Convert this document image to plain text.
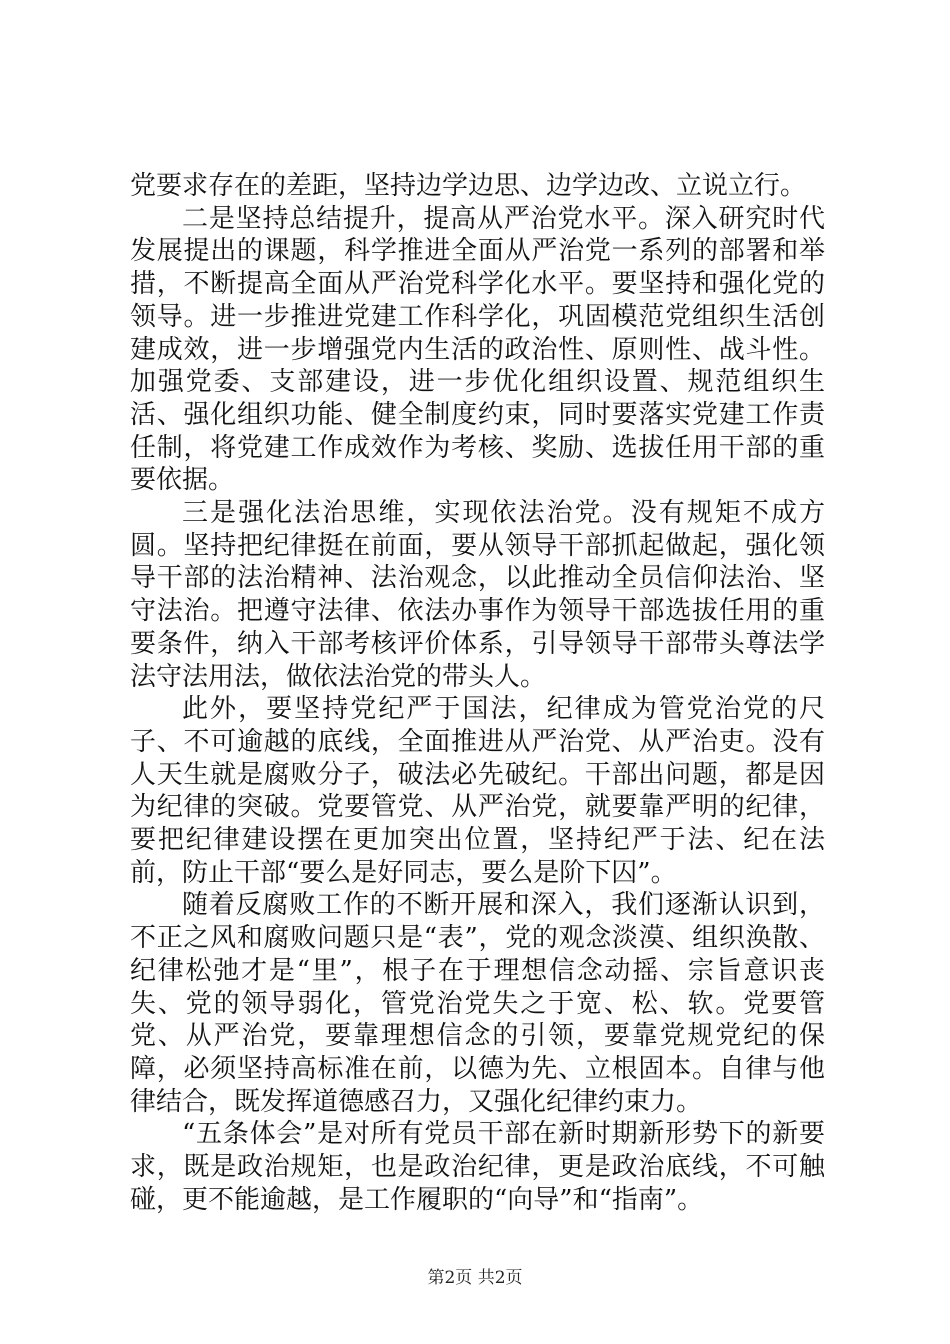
党要求存在的差距，坚持边学边思、边学边改、立说立行。

二是坚持总结提升，提高从严治党水平。深入研究时代发展提出的课题，科学推进全面从严治党一系列的部署和举措，不断提高全面从严治党科学化水平。要坚持和强化党的领导。进一步推进党建工作科学化，巩固模范党组织生活创建成效，进一步增强党内生活的政治性、原则性、战斗性。加强党委、支部建设，进一步优化组织设置、规范组织生活、强化组织功能、健全制度约束，同时要落实党建工作责任制，将党建工作成效作为考核、奖励、选拔任用干部的重要依据。

三是强化法治思维，实现依法治党。没有规矩不成方圆。坚持把纪律挺在前面，要从领导干部抓起做起，强化领导干部的法治精神、法治观念，以此推动全员信仰法治、坚守法治。把遵守法律、依法办事作为领导干部选拔任用的重要条件，纳入干部考核评价体系，引导领导干部带头尊法学法守法用法，做依法治党的带头人。

此外，要坚持党纪严于国法，纪律成为管党治党的尺子、不可逾越的底线，全面推进从严治党、从严治吏。没有人天生就是腐败分子，破法必先破纪。干部出问题，都是因为纪律的突破。党要管党、从严治党，就要靠严明的纪律，要把纪律建设摆在更加突出位置，坚持纪严于法、纪在法前，防止干部“要么是好同志，要么是阶下囚”。

随着反腐败工作的不断开展和深入，我们逐渐认识到，不正之风和腐败问题只是“表”，党的观念淡漠、组织涣散、纪律松弛才是“里”，根子在于理想信念动摇、宗旨意识丧失、党的领导弱化，管党治党失之于宽、松、软。党要管党、从严治党，要靠理想信念的引领，要靠党规党纪的保障，必须坚持高标准在前，以德为先、立根固本。自律与他律结合，既发挥道德感召力，又强化纪律约束力。

“五条体会”是对所有党员干部在新时期新形势下的新要求，既是政治规矩，也是政治纪律，更是政治底线，不可触碰，更不能逾越，是工作履职的“向导”和“指南”。

第2页 共2页
